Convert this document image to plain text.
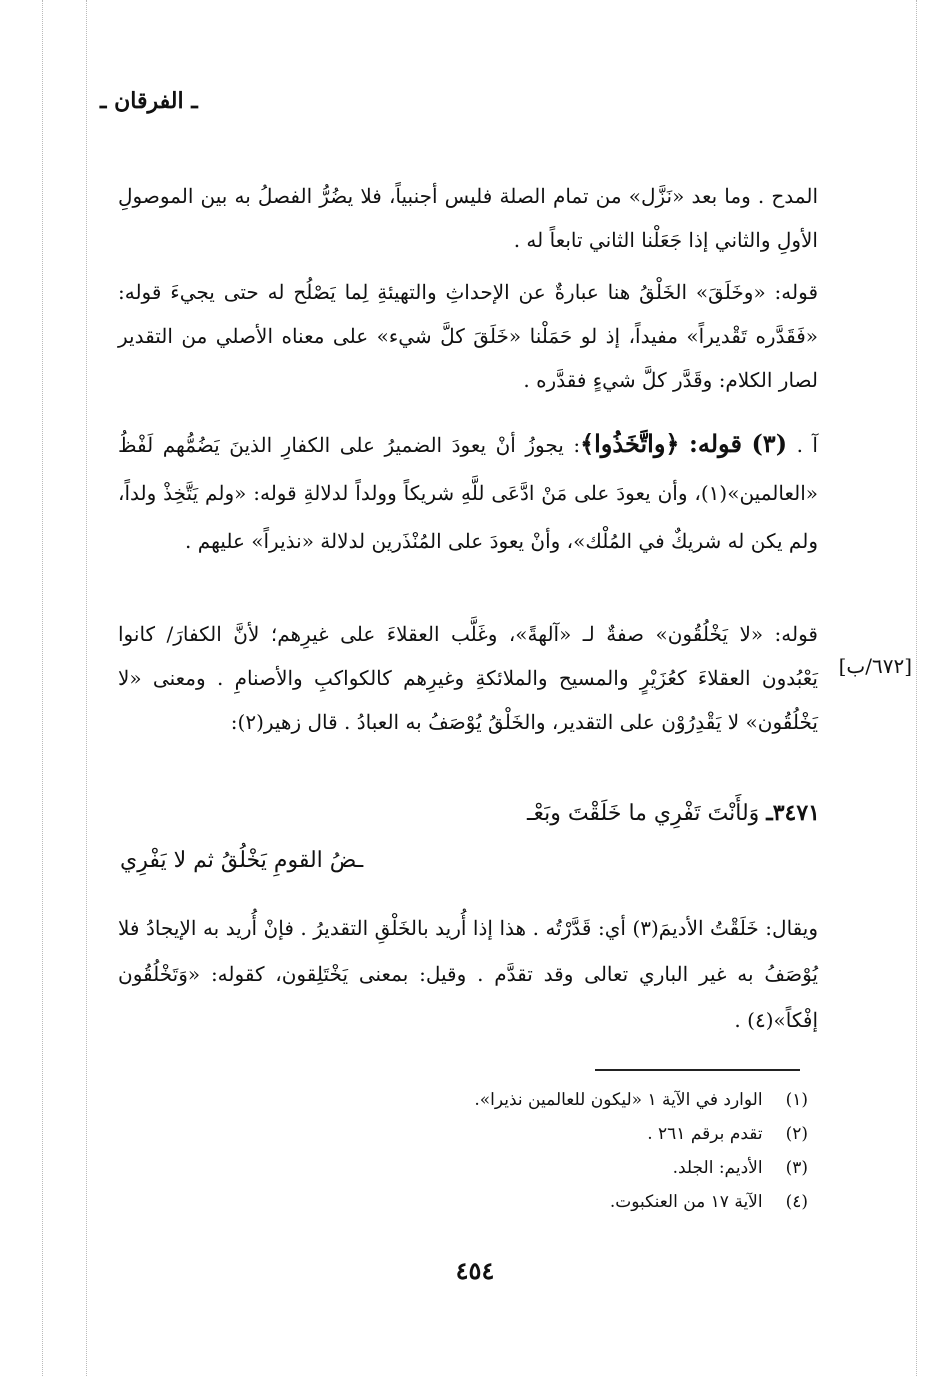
ـ الفرقان ـ
المدح . وما بعد «نَزَّل» من تمام الصلة فليس أجنبياً، فلا يضُرُّ الفصلُ به بين الموصولِ الأولِ والثاني إذا جَعَلْنا الثاني تابعاً له .
قوله: «وخَلَقَ» الخَلْقُ هنا عبارةٌ عن الإحداثِ والتهيئةِ لِما يَصْلُح له حتى يجيءَ قوله: «فَقَدَّره تَقْديراً» مفيداً، إذ لو حَمَلْنا «خَلَقَ كلَّ شيء» على معناه الأصلي من التقدير لصار الكلام: وقَدَّر كلَّ شيءٍ فقدَّره .
آ . (٣) قوله: ﴿واتَّخَذُوا﴾: يجوزُ أنْ يعودَ الضميرُ على الكفارِ الذينَ يَضُمُّهم لَفْظُ «العالمين»(١)، وأن يعودَ على مَنْ ادَّعَى للَّهِ شريكاً وولداً لدلالةِ قوله: «ولم يَتَّخِذْ ولداً، ولم يكن له شريكٌ في المُلْك»، وأنْ يعودَ على المُنْذَرين لدلالة «نذيراً» عليهم .
قوله: «لا يَخْلُقُون» صفةٌ لـ «آلهةً»، وغَلَّب العقلاءَ على غيرِهم؛ لأنَّ الكفارَ/ كانوا يَعْبُدون العقلاءَ كعُزَيْرٍ والمسيح والملائكةِ وغيرِهم كالكواكبِ والأصنامِ . ومعنى «لا يَخْلُقُون» لا يَقْدِرُوْن على التقدير، والخَلْقُ يُوْصَفُ به العبادُ . قال زهير(٢):
[٦٧٢/ب]
٣٤٧١ـ وَلأَنْتَ تَفْرِي ما خَلَقْتَ وبَعْـ
ـضُ القومِ يَخْلُقُ ثم لا يَفْرِي
ويقال: خَلَقْتُ الأديمَ(٣) أي: قَدَّرْتُه . هذا إذا أُريد بالخَلْقِ التقديرُ . فإنْ أُريد به الإيجادُ فلا يُوْصَفُ به غير الباري تعالى وقد تقدَّم . وقيل: بمعنى يَخْتَلِقون، كقوله: «وَتَخْلُقُون إفْكاً»(٤) .
(١) الوارد في الآية ١ «ليكون للعالمين نذيرا».
(٢) تقدم برقم ٢٦١ .
(٣) الأديم: الجلد.
(٤) الآية ١٧ من العنكبوت.
٤٥٤
